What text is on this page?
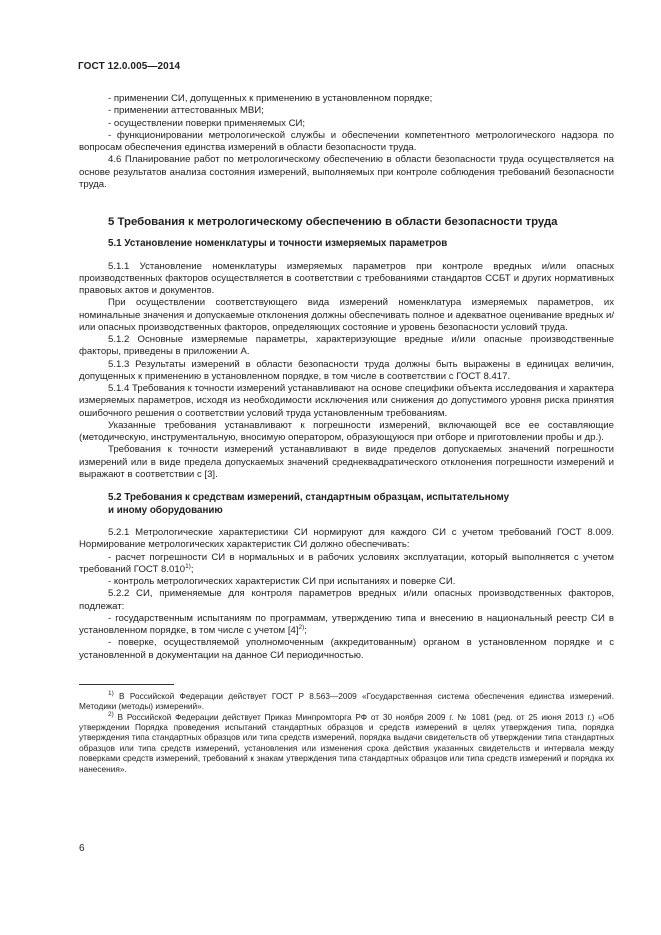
ГОСТ 12.0.005—2014

- применении СИ, допущенных к применению в установленном порядке;

- применении аттестованных МВИ;

- осуществлении поверки применяемых СИ;

- функционировании метрологической службы и обеспечении компетентного метрологического надзора по вопросам обеспечения единства измерений в области безопасности труда.

4.6 Планирование работ по метрологическому обеспечению в области безопасности труда осуществляется на основе результатов анализа состояния измерений, выполняемых при контроле соблюдения требований безопасности труда.

5 Требования к метрологическому обеспечению в области безопасности труда

5.1 Установление номенклатуры и точности измеряемых параметров

5.1.1 Установление номенклатуры измеряемых параметров при контроле вредных и/или опасных производственных факторов осуществляется в соответствии с требованиями стандартов ССБТ и других нормативных правовых актов и документов.

При осуществлении соответствующего вида измерений номенклатура измеряемых параметров, их номинальные значения и допускаемые отклонения должны обеспечивать полное и адекватное оценивание вредных и/или опасных производственных факторов, определяющих состояние и уровень безопасности условий труда.

5.1.2 Основные измеряемые параметры, характеризующие вредные и/или опасные производственные факторы, приведены в приложении А.

5.1.3 Результаты измерений в области безопасности труда должны быть выражены в единицах величин, допущенных к применению в установленном порядке, в том числе в соответствии с ГОСТ 8.417.

5.1.4 Требования к точности измерений устанавливают на основе специфики объекта исследования и характера измеряемых параметров, исходя из необходимости исключения или снижения до допустимого уровня риска принятия ошибочного решения о соответствии условий труда установленным требованиям.

Указанные требования устанавливают к погрешности измерений, включающей все ее составляющие (методическую, инструментальную, вносимую оператором, образующуюся при отборе и приготовлении пробы и др.).

Требования к точности измерений устанавливают в виде пределов допускаемых значений погрешности измерений или в виде предела допускаемых значений среднеквадратического отклонения погрешности измерений и выражают в соответствии с [3].

5.2 Требования к средствам измерений, стандартным образцам, испытательному

и иному оборудованию

5.2.1 Метрологические характеристики СИ нормируют для каждого СИ с учетом требований ГОСТ 8.009. Нормирование метрологических характеристик СИ должно обеспечивать:

- расчет погрешности СИ в нормальных и в рабочих условиях эксплуатации, который выполняется с учетом требований ГОСТ 8.010$^{1)}$;

- контроль метрологических характеристик СИ при испытаниях и поверке СИ.

5.2.2 СИ, применяемые для контроля параметров вредных и/или опасных производственных факторов, подлежат:

- государственным испытаниям по программам, утверждению типа и внесению в национальный реестр СИ в установленном порядке, в том числе с учетом $[4]^{2)}$;

- поверке, осуществляемой уполномоченным (аккредитованным) органом в установленном порядке и с установленной в документации на данное СИ периодичностью.

$^{1)}$ В Российской Федерации действует ГОСТ Р 8.563—2009 «Государственная система обеспечения единства измерений. Методики (методы) измерений».

$^{2)}$ В Российской Федерации действует Приказ Минпромторга РФ от 30 ноября 2009 г. № 1081 (ред. от 25 июня 2013 г.) «Об утверждении Порядка проведения испытаний стандартных образцов и средств измерений в целях утверждения типа, порядка утверждения типа стандартных образцов или типа средств измерений, порядка выдачи свидетельств об утверждении типа стандартных образцов или типа средств измерений, установления или изменения срока действия указанных свидетельств и интервала между поверками средств измерений, требований к знакам утверждения типа стандартных образцов или типа средств измерений и порядка их нанесения».

6
